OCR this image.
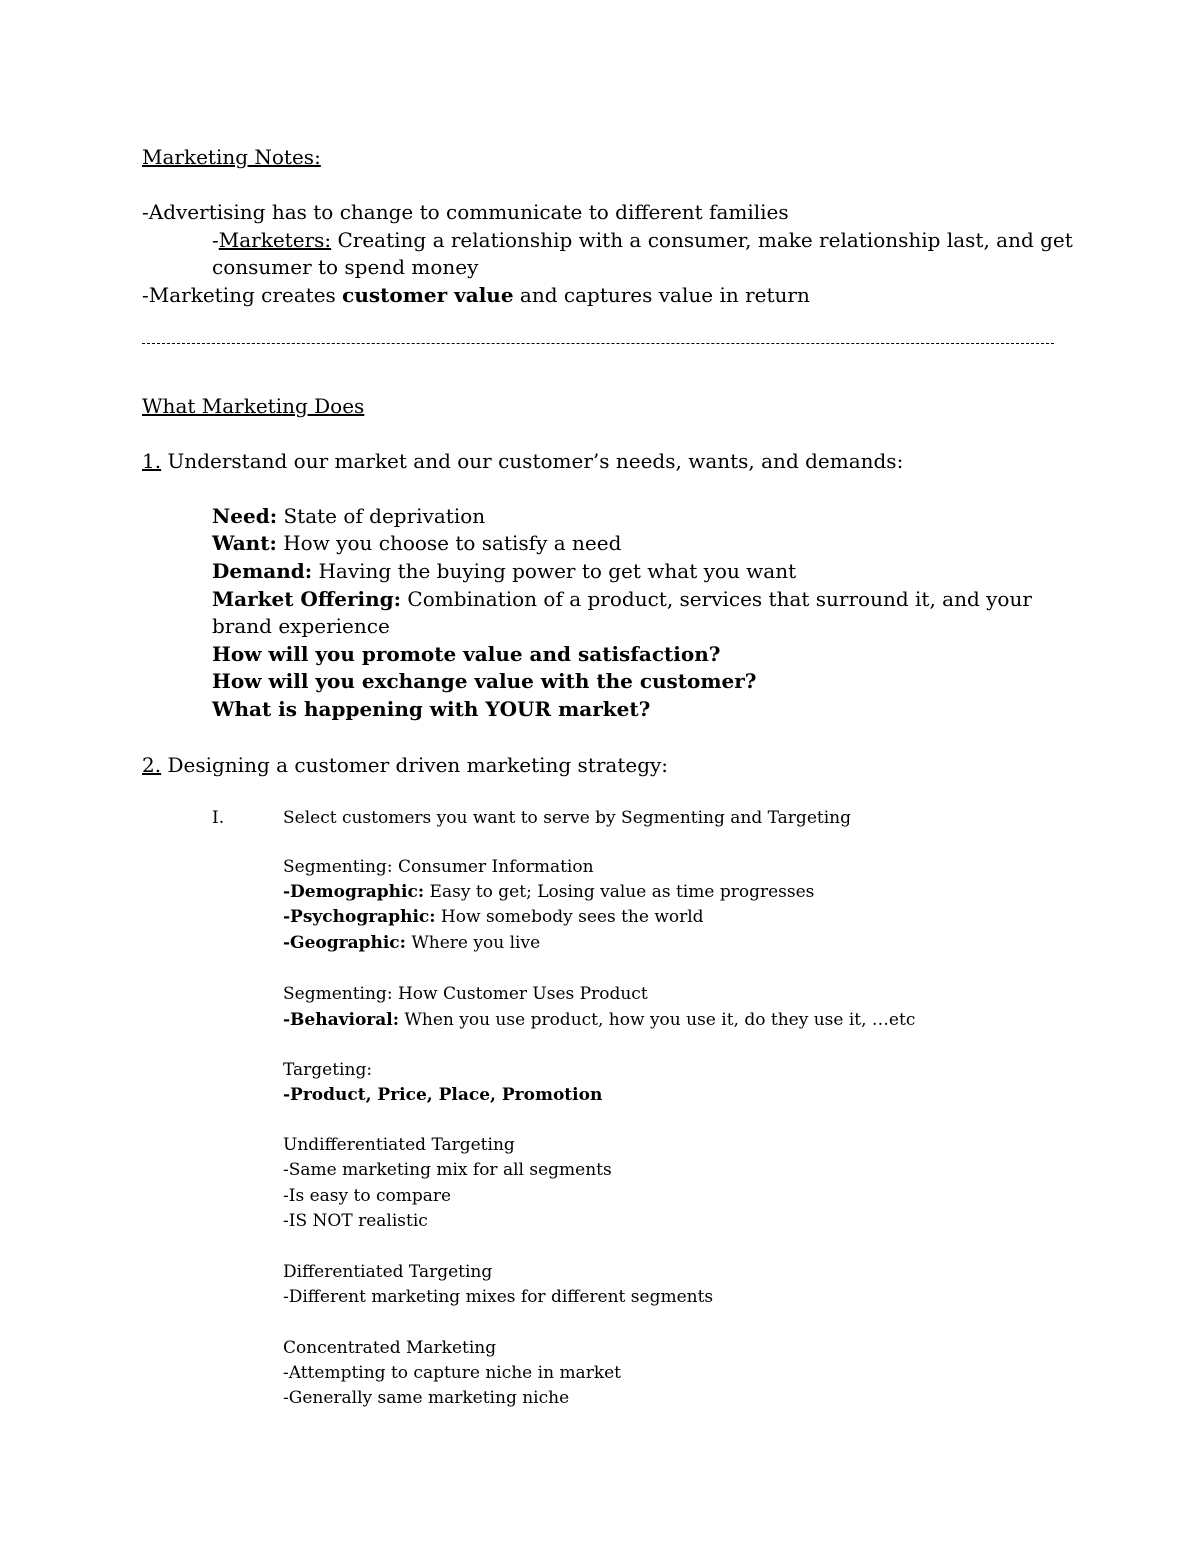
Marketing Notes:
-Advertising has to change to communicate to different families
-Marketers: Creating a relationship with a consumer, make relationship last, and get
consumer to spend money
-Marketing creates customer value and captures value in return
What Marketing Does
1. Understand our market and our customer’s needs, wants, and demands:
Need: State of deprivation
Want: How you choose to satisfy a need
Demand: Having the buying power to get what you want
Market Offering: Combination of a product, services that surround it, and your
brand experience
How will you promote value and satisfaction?
How will you exchange value with the customer?
What is happening with YOUR market?
2. Designing a customer driven marketing strategy:
I.	Select customers you want to serve by Segmenting and Targeting
Segmenting: Consumer Information
-Demographic: Easy to get; Losing value as time progresses
-Psychographic: How somebody sees the world
-Geographic: Where you live
Segmenting: How Customer Uses Product
-Behavioral: When you use product, how you use it, do they use it, …etc
Targeting:
-Product, Price, Place, Promotion
Undifferentiated Targeting
-Same marketing mix for all segments
-Is easy to compare
-IS NOT realistic
Differentiated Targeting
-Different marketing mixes for different segments
Concentrated Marketing
-Attempting to capture niche in market
-Generally same marketing niche
